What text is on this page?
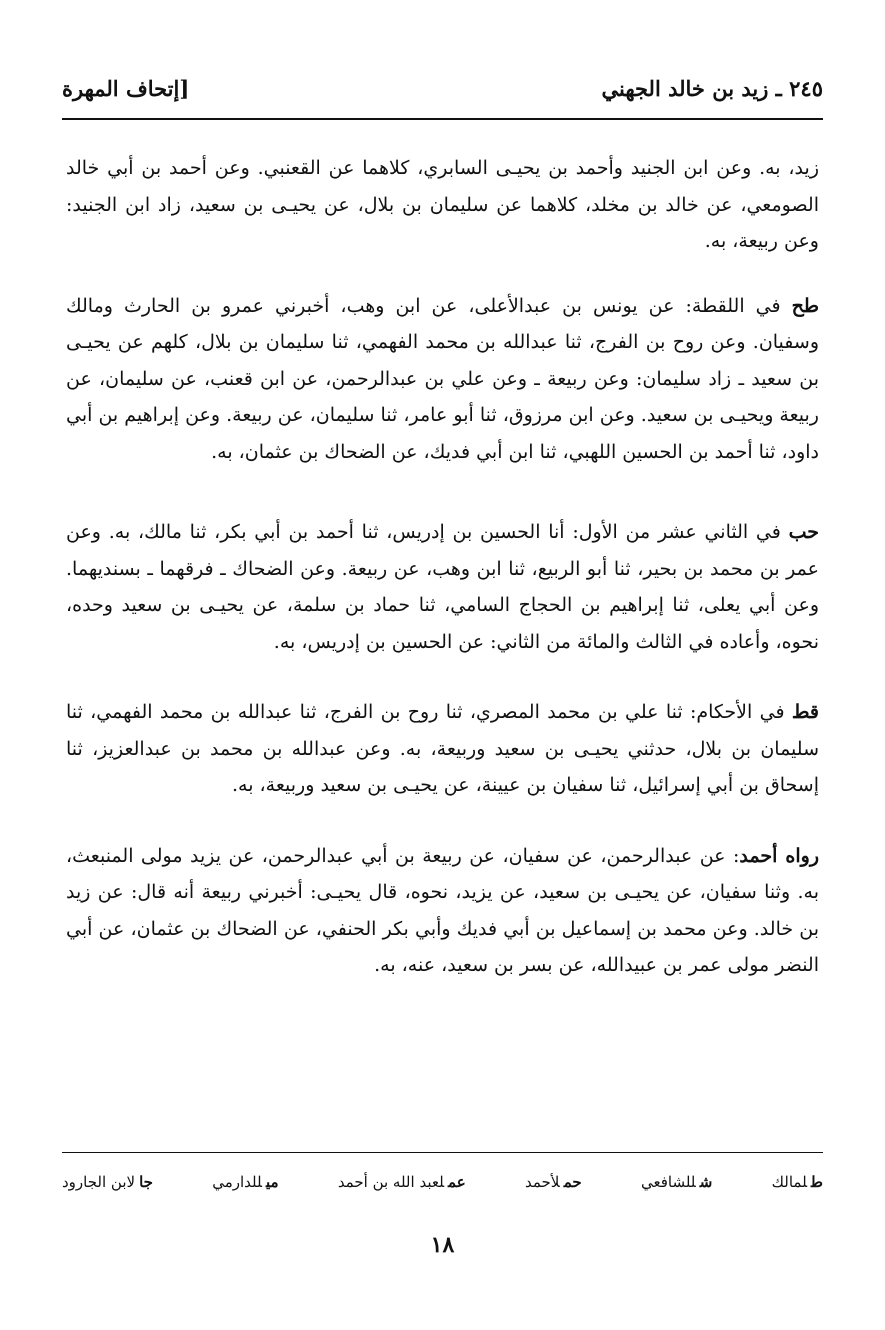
٢٤٥ ـ زيد بن خالد الجهني
[إتحاف المهرة

زيد، به. وعن ابن الجنيد وأحمد بن يحيـى السابري، كلاهما عن القعنبي. وعن أحمد بن أبي خالد الصومعي، عن خالد بن مخلد، كلاهما عن سليمان بن بلال، عن يحيـى بن سعيد، زاد ابن الجنيد: وعن ربيعة، به.

طح في اللقطة: عن يونس بن عبدالأعلى، عن ابن وهب، أخبرني عمرو بن الحارث ومالك وسفيان. وعن روح بن الفرج، ثنا عبدالله بن محمد الفهمي، ثنا سليمان بن بلال، كلهم عن يحيـى بن سعيد ـ زاد سليمان: وعن ربيعة ـ وعن علي بن عبدالرحمن، عن ابن قعنب، عن سليمان، عن ربيعة ويحيـى بن سعيد. وعن ابن مرزوق، ثنا أبو عامر، ثنا سليمان، عن ربيعة. وعن إبراهيم بن أبي داود، ثنا أحمد بن الحسين اللهبي، ثنا ابن أبي فديك، عن الضحاك بن عثمان، به.

حب في الثاني عشر من الأول: أنا الحسين بن إدريس، ثنا أحمد بن أبي بكر، ثنا مالك، به. وعن عمر بن محمد بن بحير، ثنا أبو الربيع، ثنا ابن وهب، عن ربيعة. وعن الضحاك ـ فرقهما ـ بسنديهما. وعن أبي يعلى، ثنا إبراهيم بن الحجاج السامي، ثنا حماد بن سلمة، عن يحيـى بن سعيد وحده، نحوه، وأعاده في الثالث والمائة من الثاني: عن الحسين بن إدريس، به.

قط في الأحكام: ثنا علي بن محمد المصري، ثنا روح بن الفرج، ثنا عبدالله بن محمد الفهمي، ثنا سليمان بن بلال، حدثني يحيـى بن سعيد وربيعة، به. وعن عبدالله بن محمد بن عبدالعزيز، ثنا إسحاق بن أبي إسرائيل، ثنا سفيان بن عيينة، عن يحيـى بن سعيد وربيعة، به.

رواه أحمد: عن عبدالرحمن، عن سفيان، عن ربيعة بن أبي عبدالرحمن، عن يزيد مولى المنبعث، به. وثنا سفيان، عن يحيـى بن سعيد، عن يزيد، نحوه، قال يحيـى: أخبرني ربيعة أنه قال: عن زيد بن خالد. وعن محمد بن إسماعيل بن أبي فديك وأبي بكر الحنفي، عن الضحاك بن عثمان، عن أبي النضر مولى عمر بن عبيدالله، عن بسر بن سعيد، عنه، به.

طلمالك
شللشافعي
حملأحمد
عملعبد الله بن أحمد
ميللدارمي
جالابن الجارود
١٨
